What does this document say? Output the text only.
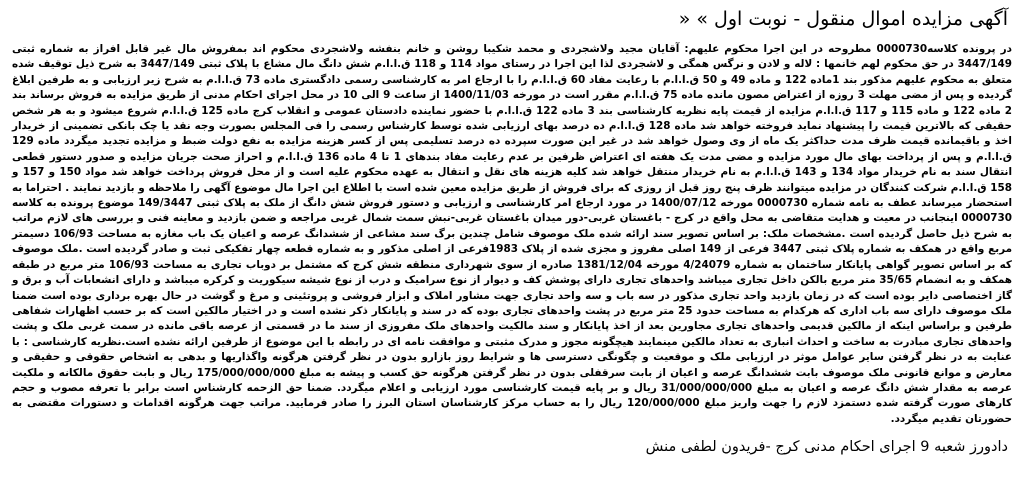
آگهی مزایده اموال منقول - نوبت اول » «

در پرونده کلاسه0000730 مطروحه در این اجرا محکوم علیهم: آقایان مجید ولاشجردی و محمد شکیبا روشن و خانم بنفشه ولاشجردی محکوم اند بمفروش مال غیر قابل افراز به شماره ثبتی 3447/149 در حق محکوم لهم خانمها : لاله و لادن و نرگس همگی و لاشجردی لذا این اجرا در رستای مواد 114 و 118 ق.ا.ا.م شش دانگ مال مشاع با پلاک ثبتی 3447/149 به شرح ذیل توقیف شده متعلق به محکوم علیهم مذکور بند 1ماده 122 و ماده 49 و 50 ق.ا.ا.م با رعایت مفاد 60 ق.ا.ا.م را با ارجاع امر به کارشناسی رسمی دادگستری ماده 73 ق.ا.ا.م به شرح زیر ارزیابی و به طرفین ابلاغ گردیده و پس از مضی مهلت 3 روزه از اعتراض مصون مانده ماده 75 ق.ا.ا.م مقرر است در مورخه 1400/11/03 از ساعت 9 الی 10 در محل اجرای احکام مدنی از طریق مزایده به فروش برساند بند 2 ماده 122 و ماده 115 و 117 ق.ا.ا.م مزایده از قیمت پایه نظریه کارشناسی بند 3 ماده 122 ق.ا.ا.م با حضور نماینده دادستان عمومی و انقلاب کرج ماده 125 ق.ا.ا.م شروع میشود و به هر شخص حقیقی که بالاترین قیمت را پیشنهاد نماید فروخته خواهد شد ماده 128 ق.ا.ا.م ده درصد بهای ارزیابی شده توسط کارشناس رسمی را فی المجلس بصورت وجه نقد یا چک بانکی تضمینی از خریدار اخذ و باقیمانده قیمت ظرف مدت حداکثر یک ماه از وی وصول خواهد شد در غیر این صورت سپرده ده درصد تسلیمی پس از کسر هزینه مزایده به نفع دولت ضبط و مزایده تجدید میگردد ماده 129 ق.ا.ا.م و پس از پرداخت بهای مال مورد مزایده و مضی مدت یک هفته ای اعتراض ظرفین بر عدم رعایت مفاد بندهای 1 تا 4 ماده 136 ق.ا.ا.م و احراز صحت جریان مزایده و صدور دستور قطعی انتقال سند به نام خریدار مواد 134 و 143 ق.ا.ا.م به نام خریدار منتقل خواهد شد کلیه هزینه های نقل و انتقال به عهده محکوم علیه است و از محل فروش پرداخت خواهد شد مواد 150 و 157 و 158 ق.ا.ا.م شرکت کنندگان در مزایده میتوانند ظرف پنج روز قبل از روزی که برای فروش از طریق مزایده معین شده است با اطلاع این اجرا مال موضوع آگهی را ملاحظه و بازدید نمایند . احتراما به استحضار میرساند عطف به نامه شماره 0000730 مورخه 1400/07/12 در مورد ارجاع امر کارشناسی و ارزیابی و دستور فروش شش دانگ از ملک به پلاک ثبتی 149/3447 موضوع پرونده به کلاسه 0000730 اینجانب در معیت و هدایت متقاضی به محل واقع در کرج - باغستان غربی-دور میدان باغستان غربی-نبش سمت شمال غربی مراجعه و ضمن بازدید و معاینه فنی و بررسی های لازم مراتب به شرح ذیل حاصل گردیده است .مشخصات ملک: بر اساس تصویر سند ارائه شده ملک موصوف شامل چندین برگ سند مشاعی از ششدانگ عرصه و اعیان یک باب مغازه به مساحت 106/93 دسیمتر مربع واقع در همکف به شماره پلاک ثبتی 3447 فرعی از 149 اصلی مفروز و مجزی شده از پلاک 1983فرعی از اصلی مذکور و به شماره قطعه چهار تفکیکی ثبت و صادر گردیده است .ملک موصوف که بر اساس تصویر گواهی پایانکار ساختمان به شماره 4/24079 مورخه 1381/12/04 صادره از سوی شهرداری منطقه شش کرج که مشتمل بر دوباب تجاری به مساحت 106/93 متر مربع در طبقه همکف و به انضمام 35/65 متر مربع بالکن داخل تجاری میباشد واحدهای تجاری دارای پوشش کف و دیوار از نوع سرامیک و درب از نوع شیشه سیکوریت و کرکره میباشد و دارای انشعابات آب و برق و گاز اختصاصی دایر بوده است که در زمان بازدید واحد تجاری مذکور در سه باب و سه واحد تجاری جهت مشاور املاک و ابزار فروشی و پروتئینی و مرغ و گوشت در حال بهره برداری بوده است ضمنا ملک موصوف دارای سه باب اداری که هرکدام به مساحت حدود 25 متر مربع در پشت واحدهای تجاری بوده که در سند و پایانکار ذکر نشده است و در اختیار مالکین است که بر حسب اظهارات شفاهی طرفین و براساس اینکه از مالکین قدیمی واحدهای تجاری مجاورین بعد از اخذ پایانکار و سند مالکیت واحدهای ملک مفروزی از سند ما در قسمتی از عرصه باقی مانده در سمت غربی ملک و پشت واحدهای تجاری مبادرت به ساخت و احداث انباری به تعداد مالکین مینمایند هیچگونه مجوز و مدرک مثبتی و موافقت نامه ای در رابطه با این موضوع از طرفین ارائه نشده است.نظریه کارشناسی : با عنایت به در نظر گرفتن سایر عوامل موثر در ارزیابی ملک و موقعیت و چگونگی دسترسی ها و شرایط روز بازارو بدون در نظر گرفتن هرگونه واگذاریها و بدهی به اشخاص حقوقی و حقیقی و معارض و موانع قانونی ملک موصوف بابت ششدانگ عرصه و اعیان از بابت سرقفلی بدون در نظر گرفتن هرگونه حق کسب و پیشه به مبلغ 175/000/000/000 ریال و بابت حقوق مالکانه و ملکیت عرصه به مقدار شش دانگ عرصه و اعیان به مبلغ 31/000/000/000 ریال و بر پایه قیمت کارشناسی مورد ارزیابی و اعلام میگردد. ضمنا حق الزحمه کارشناس است برابر با تعرفه مصوب و حجم کارهای صورت گرفته شده دستمزد لازم را جهت واریز مبلغ 120/000/000 ریال را به حساب مرکز کارشناسان استان البرز را صادر فرمایید. مراتب جهت هرگونه اقدامات و دستورات مقتضی به حضورتان تقدیم میگردد.

دادورز شعبه 9 اجرای احکام مدنی کرج -فریدون لطفی منش
